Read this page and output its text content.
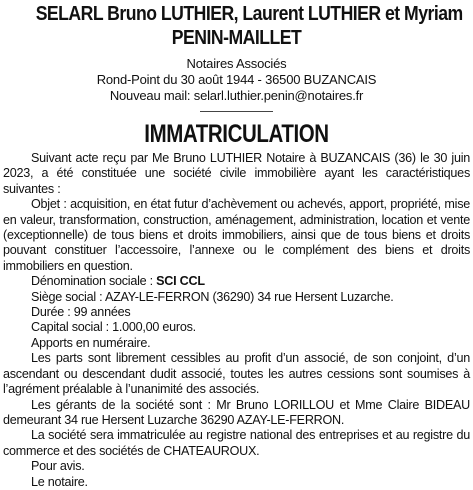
SELARL Bruno LUTHIER, Laurent LUTHIER et Myriam
PENIN-MAILLET
Notaires Associés
Rond-Point du 30 août 1944 - 36500 BUZANCAIS
Nouveau mail: selarl.luthier.penin@notaires.fr
IMMATRICULATION

Suivant acte reçu par Me Bruno LUTHIER Notaire à BUZANCAIS (36) le 30 juin 2023, a été constituée une société civile immobilière ayant les caractéristiques suivantes :

Objet : acquisition, en état futur d’achèvement ou achevés, apport, propriété, mise en valeur, transformation, construction, aménagement, administration, location et vente (exceptionnelle) de tous biens et droits immobiliers, ainsi que de tous biens et droits pouvant constituer l’accessoire, l’annexe ou le complément des biens et droits immobiliers en question.

Dénomination sociale : SCI CCL

Siège social : AZAY-LE-FERRON (36290) 34 rue Hersent Luzarche.

Durée : 99 années

Capital social : 1.000,00 euros.

Apports en numéraire.

Les parts sont librement cessibles au profit d’un associé, de son conjoint, d’un ascendant ou descendant dudit associé, toutes les autres cessions sont soumises à l’agrément préalable à l’unanimité des associés.

Les gérants de la société sont : Mr Bruno LORILLOU et Mme Claire BIDEAU demeurant 34 rue Hersent Luzarche 36290 AZAY-LE-FERRON.

La société sera immatriculée au registre national des entreprises et au registre du commerce et des sociétés de CHATEAUROUX.

Pour avis.

Le notaire.
